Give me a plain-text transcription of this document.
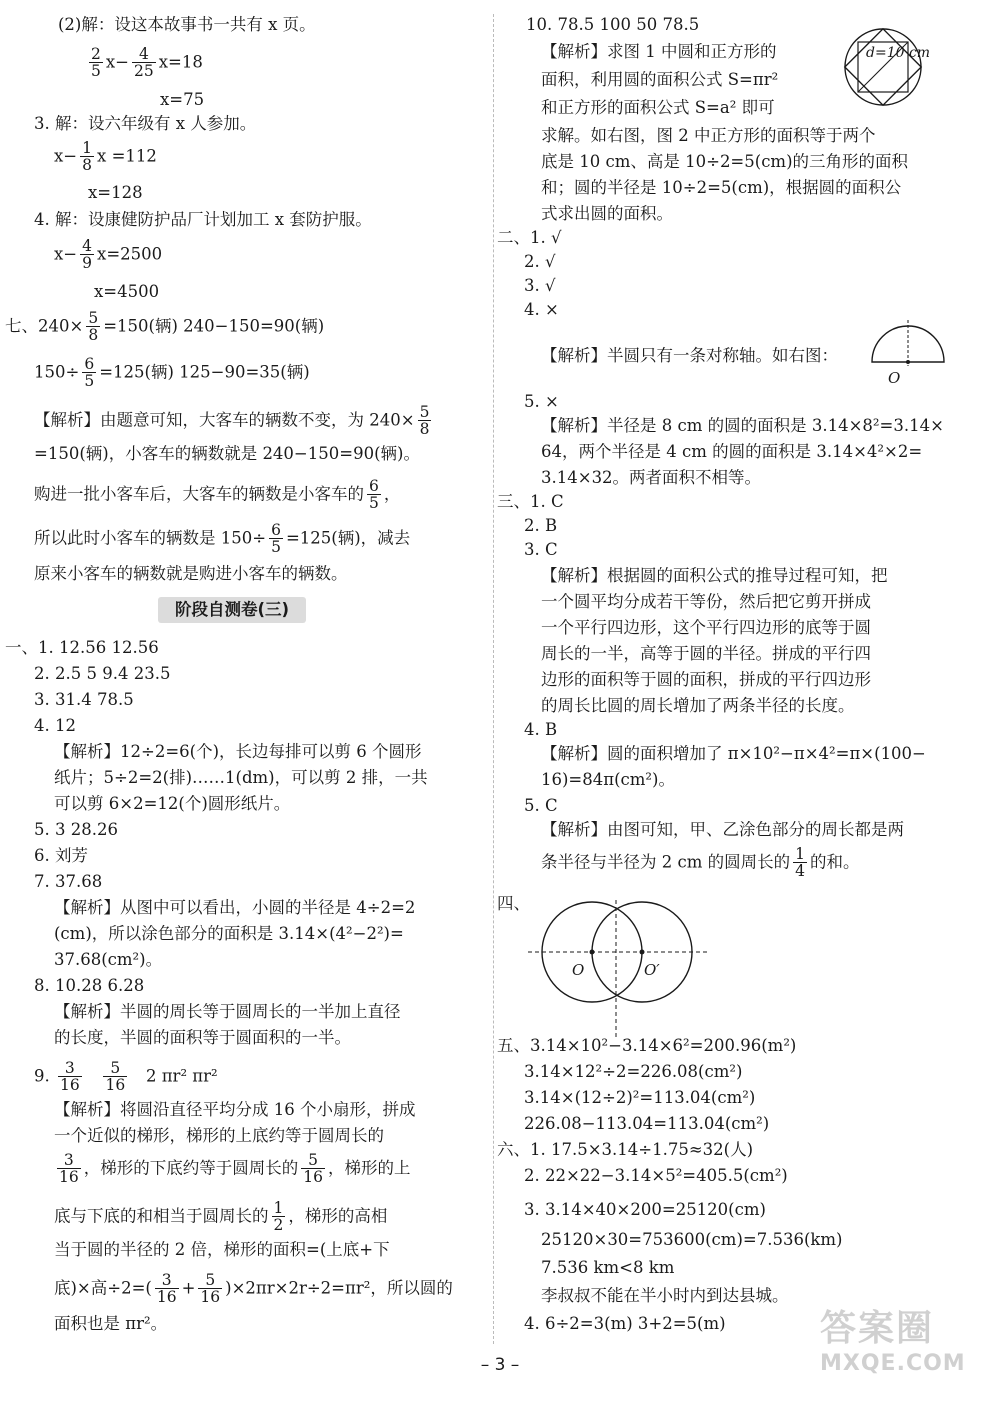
(2)解：设这本故事书一共有 x 页。
$\frac{2}{5} x- \frac{4}{25} x=18$
x=75
3. 解：设六年级有 x 人参加。
$x- \frac{1}{8}$ x =112
x=128
4. 解：设康健防护品厂计划加工 x 套防护服。
$x- \frac{4}{9} x=2500$
x=4500
七、$240\times \frac{5}{8} =150$(辆) 240−150=90(辆)
$150\div \frac{6}{5} =125$(辆) 125−90=35(辆)
【解析】由题意可知，大客车的辆数不变，为 $240\times \frac{5}{8}$
=150(辆)，小客车的辆数就是 240−150=90(辆)。
购进一批小客车后，大客车的辆数是小客车的 $\frac{6}{5}$ ，
所以此时小客车的辆数是 $150\div \frac{6}{5} =125$(辆)，减去
原来小客车的辆数就是购进小客车的辆数。
阶段自测卷(三)
一、1. 12.56 12.56
2. 2.5 5 9.4 23.5
3. 31.4 78.5
4. 12
【解析】12÷2=6(个)，长边每排可以剪 6 个圆形
纸片；5÷2=2(排)……1(dm)，可以剪 2 排，一共
可以剪 6×2=12(个)圆形纸片。
5. 3 28.26
6. 刘芳
7. 37.68
【解析】从图中可以看出，小圆的半径是 4÷2=2
(cm)，所以涂色部分的面积是 3.14×(4²−2²)=
37.68(cm²)。
8. 10.28 6.28
【解析】半圆的周长等于圆周长的一半加上直径
的长度，半圆的面积等于圆面积的一半。
9. $\frac{3}{16}$
$\frac{5}{16} 2$ πr² πr²
【解析】将圆沿直径平均分成 16 个小扇形，拼成
一个近似的梯形，梯形的上底约等于圆周长的
$\frac{3}{16}$ ，梯形的下底约等于圆周长的 $\frac{5}{16}$ ，梯形的上
底与下底的和相当于圆周长的 $\frac{1}{2}$ ，梯形的高相
当于圆的半径的 2 倍，梯形的面积=(上底+下
底)×高$\div 2=( \frac{3}{16} + \frac{5}{16} )\times 2\pi r\times 2r\div 2=\pi r^2$，所以圆的
面积也是 πr²。
10. 78.5 100 50 78.5
【解析】求图 1 中圆和正方形的
面积，利用圆的面积公式 S=πr²
和正方形的面积公式 S=a² 即可
求解。如右图，图 2 中正方形的面积等于两个
底是 10 cm、高是 10÷2=5(cm)的三角形的面积
和；圆的半径是 10÷2=5(cm)，根据圆的面积公
式求出圆的面积。
d=10 cm
二、1. √
2. √
3. √
4. ×
【解析】半圆只有一条对称轴。如右图：
O
5. ×
【解析】半径是 8 cm 的圆的面积是 3.14×8²=3.14×
64，两个半径是 4 cm 的圆的面积是 3.14×4²×2=
3.14×32。两者面积不相等。
三、1. C
2. B
3. C
【解析】根据圆的面积公式的推导过程可知，把
一个圆平均分成若干等份，然后把它剪开拼成
一个平行四边形，这个平行四边形的底等于圆
周长的一半，高等于圆的半径。拼成的平行四
边形的面积等于圆的面积，拼成的平行四边形
的周长比圆的周长增加了两条半径的长度。
4. B
【解析】圆的面积增加了 π×10²−π×4²=π×(100−
16)=84π(cm²)。
5. C
【解析】由图可知，甲、乙涂色部分的周长都是两
条半径与半径为 2 cm 的圆周长的 $\frac{1}{4}$ 的和。
四、
O	O′
五、3.14×10²−3.14×6²=200.96(m²)
3.14×12²÷2=226.08(cm²)
3.14×(12÷2)²=113.04(cm²)
226.08−113.04=113.04(cm²)
六、1. 17.5×3.14÷1.75≈32(人)
2. 22×22−3.14×5²=405.5(cm²)
3. 3.14×40×200=25120(cm)
25120×30=753600(cm)=7.536(km)
7.536 km<8 km
李叔叔不能在半小时内到达县城。
4. 6÷2=3(m) 3+2=5(m)
– 3 –
答案圈
MXQE.COM
